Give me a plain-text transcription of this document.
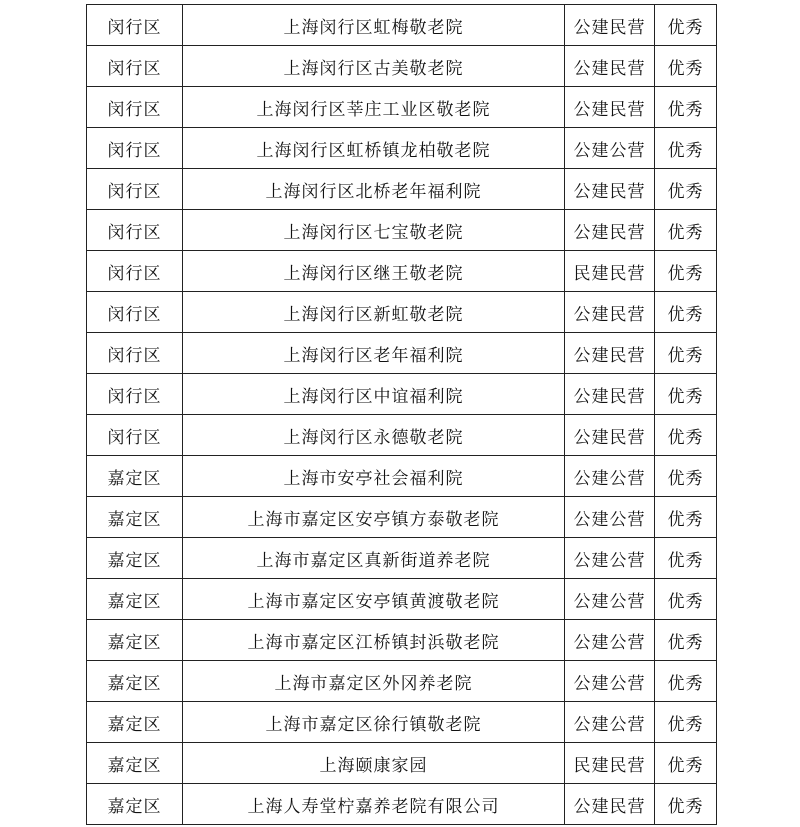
闵行区	上海闵行区虹梅敬老院	公建民营	优秀
闵行区	上海闵行区古美敬老院	公建民营	优秀
闵行区	上海闵行区莘庄工业区敬老院	公建民营	优秀
闵行区	上海闵行区虹桥镇龙柏敬老院	公建公营	优秀
闵行区	上海闵行区北桥老年福利院	公建民营	优秀
闵行区	上海闵行区七宝敬老院	公建民营	优秀
闵行区	上海闵行区继王敬老院	民建民营	优秀
闵行区	上海闵行区新虹敬老院	公建民营	优秀
闵行区	上海闵行区老年福利院	公建民营	优秀
闵行区	上海闵行区中谊福利院	公建民营	优秀
闵行区	上海闵行区永德敬老院	公建民营	优秀
嘉定区	上海市安亭社会福利院	公建公营	优秀
嘉定区	上海市嘉定区安亭镇方泰敬老院	公建公营	优秀
嘉定区	上海市嘉定区真新街道养老院	公建公营	优秀
嘉定区	上海市嘉定区安亭镇黄渡敬老院	公建公营	优秀
嘉定区	上海市嘉定区江桥镇封浜敬老院	公建公营	优秀
嘉定区	上海市嘉定区外冈养老院	公建公营	优秀
嘉定区	上海市嘉定区徐行镇敬老院	公建公营	优秀
嘉定区	上海颐康家园	民建民营	优秀
嘉定区	上海人寿堂柠嘉养老院有限公司	公建民营	优秀
